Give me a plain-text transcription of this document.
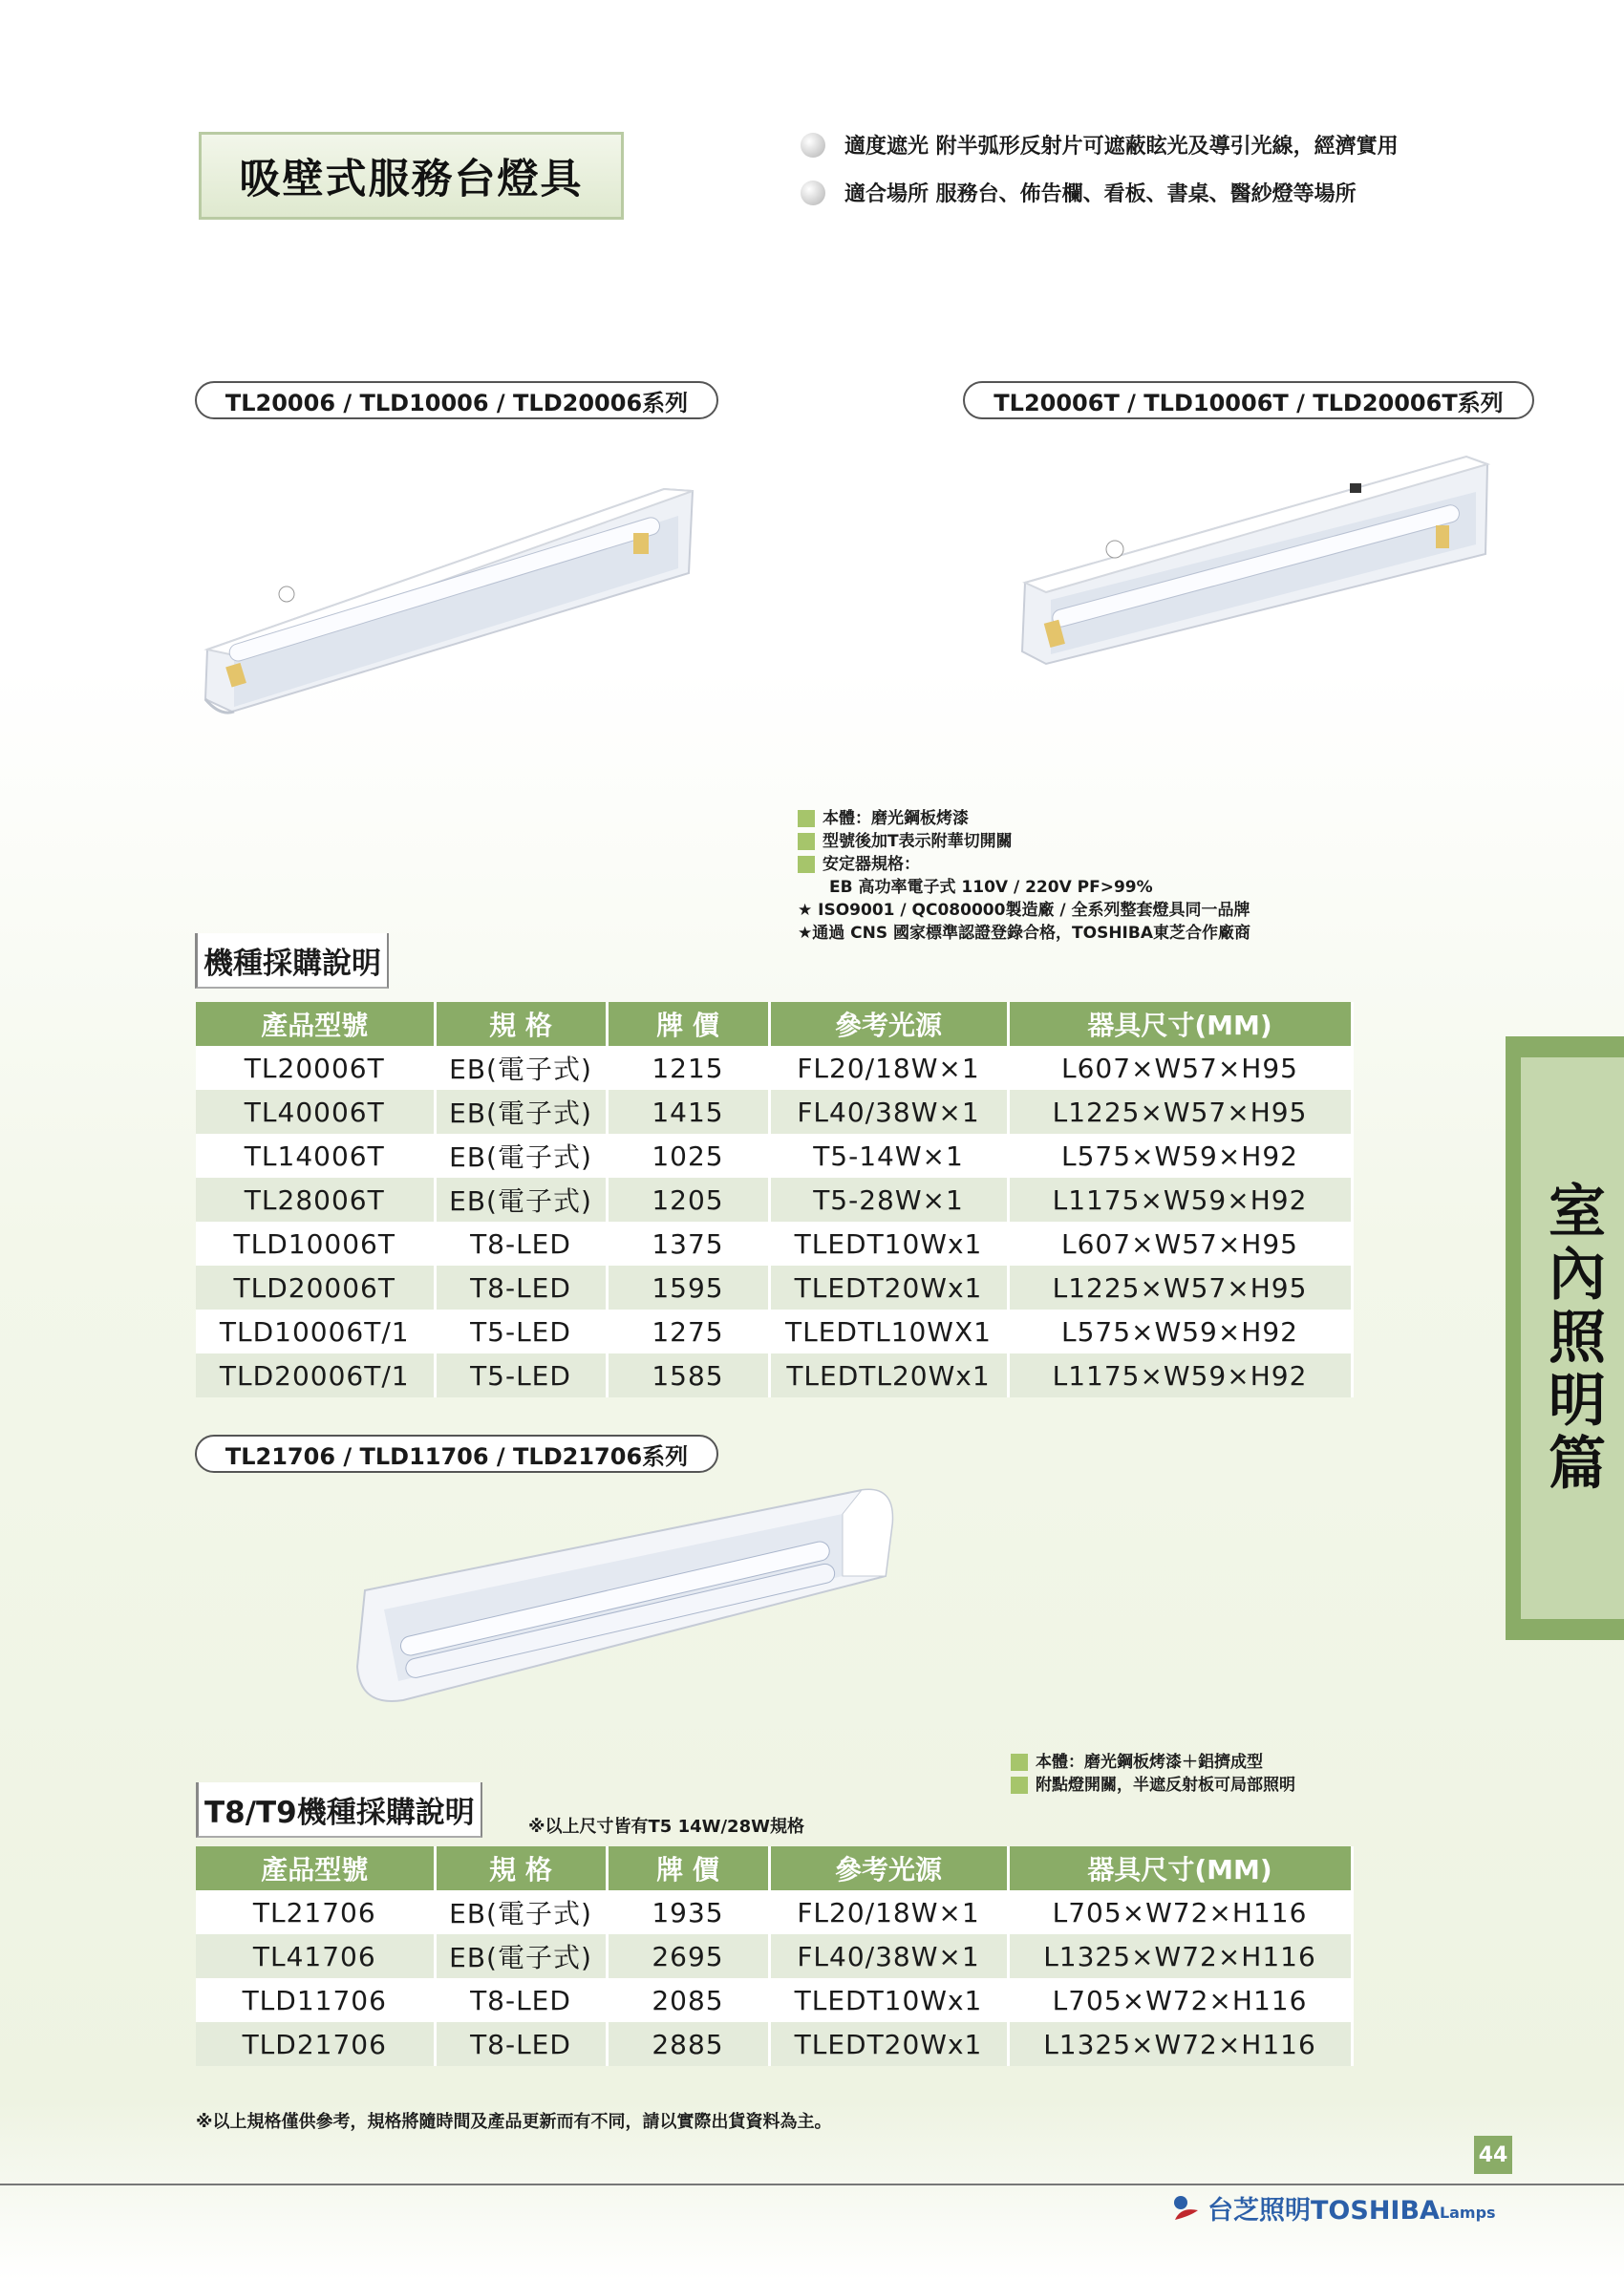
吸壁式服務台燈具
適度遮光 附半弧形反射片可遮蔽眩光及導引光線，經濟實用
適合場所 服務台、佈告欄、看板、書桌、醫紗燈等場所
TL20006 / TLD10006 / TLD20006系列	TL20006T / TLD10006T / TLD20006T系列
本體：磨光鋼板烤漆
型號後加T表示附華切開關
安定器規格：
EB 高功率電子式 110V / 220V PF>99%
★ ISO9001 / QC080000製造廠 / 全系列整套燈具同一品牌
★通過 CNS 國家標準認證登錄合格，TOSHIBA東芝合作廠商
機種採購說明
產品型號	規 格	牌 價	參考光源	器具尺寸(MM)
TL20006T	EB(電子式)	1215	FL20/18W×1	L607×W57×H95
TL40006T	EB(電子式)	1415	FL40/38W×1	L1225×W57×H95
TL14006T	EB(電子式)	1025	T5-14W×1	L575×W59×H92
TL28006T	EB(電子式)	1205	T5-28W×1	L1175×W59×H92
TLD10006T	T8-LED	1375	TLEDT10Wx1	L607×W57×H95
TLD20006T	T8-LED	1595	TLEDT20Wx1	L1225×W57×H95
TLD10006T/1	T5-LED	1275	TLEDTL10WX1	L575×W59×H92
TLD20006T/1	T5-LED	1585	TLEDTL20Wx1	L1175×W59×H92
TL21706 / TLD11706 / TLD21706系列
本體：磨光鋼板烤漆＋鋁擠成型
附點燈開關，半遮反射板可局部照明
T8/T9機種採購說明	※以上尺寸皆有T5 14W/28W規格
產品型號	規 格	牌 價	參考光源	器具尺寸(MM)
TL21706	EB(電子式)	1935	FL20/18W×1	L705×W72×H116
TL41706	EB(電子式)	2695	FL40/38W×1	L1325×W72×H116
TLD11706	T8-LED	2085	TLEDT10Wx1	L705×W72×H116
TLD21706	T8-LED	2885	TLEDT20Wx1	L1325×W72×H116
※以上規格僅供參考，規格將隨時間及產品更新而有不同，請以實際出貨資料為主。
室內照明篇
44
台芝照明TOSHIBA Lamps
